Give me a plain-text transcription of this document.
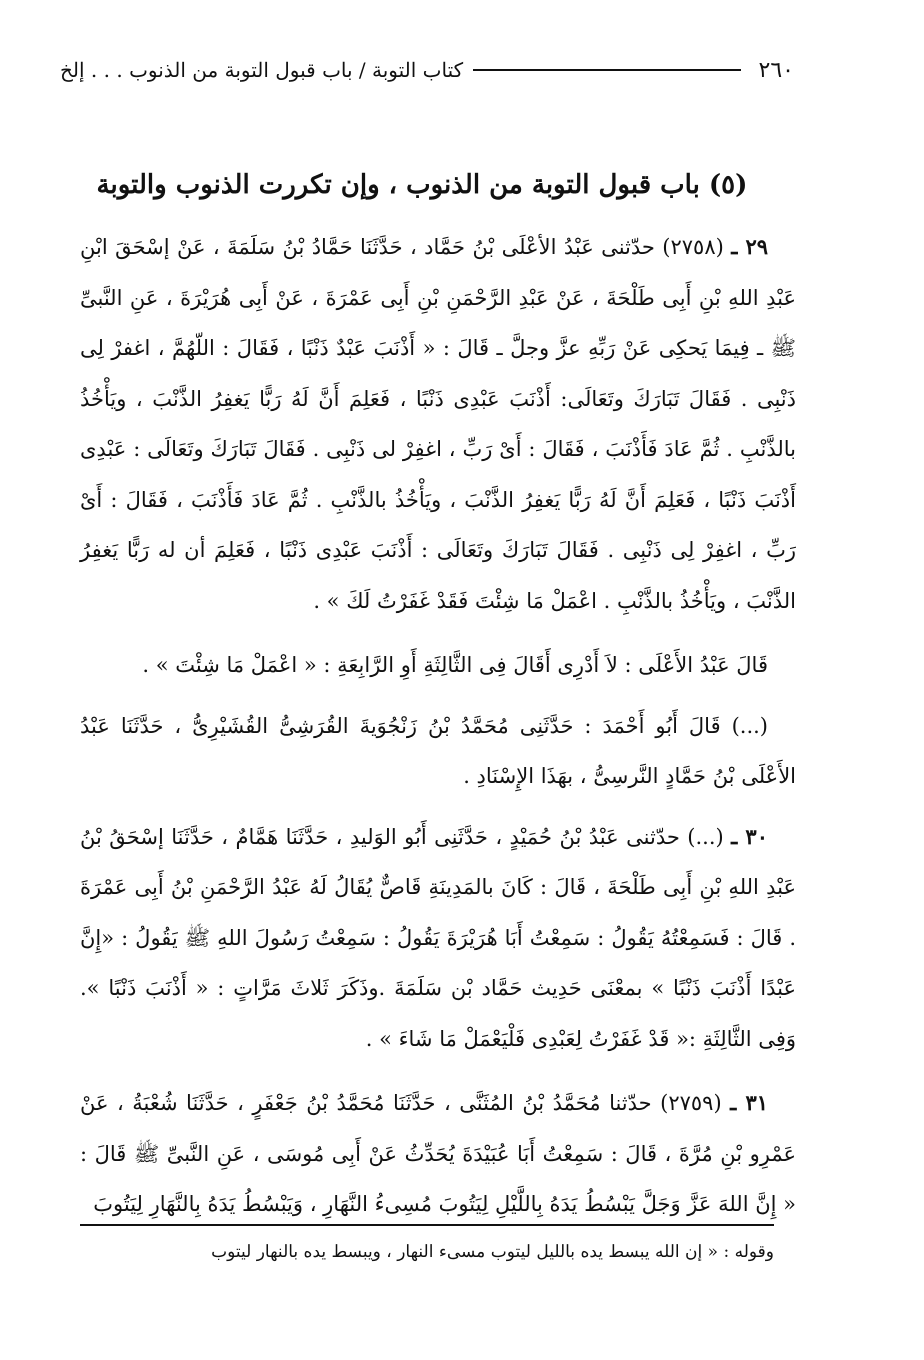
٢٦٠
كتاب التوبة / باب قبول التوبة من الذنوب . . . إلخ
(٥) باب قبول التوبة من الذنوب ، وإن تكررت الذنوب والتوبة

٢٩ ـ (٢٧٥٨) حدّثنى عَبْدُ الأعْلَى بْنُ حَمَّاد ، حَدَّثَنَا حَمَّادُ بْنُ سَلَمَةَ ، عَنْ إسْحَقَ ابْنِ عَبْدِ اللهِ بْنِ أَبِى طَلْحَةَ ، عَنْ عَبْدِ الرَّحْمَنِ بْنِ أَبِى عَمْرَةَ ، عَنْ أَبِى هُرَيْرَةَ ، عَنِ النَّبىِّ ﷺ ـ فِيمَا يَحكِى عَنْ رَبِّهِ عزَّ وجلَّ ـ قَالَ : « أَذْنَبَ عَبْدٌ ذَنْبًا ، فَقَالَ : اللّهُمَّ ، اغفرْ لِى ذَنْبِى . فَقَالَ تَبَارَكَ وتَعَالَى: أَذْنَبَ عَبْدِى ذَنْبًا ، فَعَلِمَ أَنَّ لَهُ رَبًّا يَغفِرُ الذَّنْبَ ، ويَأْخُذُ بالذَّنْبِ . ثُمَّ عَادَ فَأَذْنَبَ ، فَقَالَ : أَىْ رَبِّ ، اغفِرْ لى ذَنْبِى . فَقَالَ تَبَارَكَ وتَعَالَى : عَبْدِى أَذْنَبَ ذَنْبًا ، فَعَلِمَ أَنَّ لَهُ رَبًّا يَغفِرُ الذَّنْبَ ، ويَأْخُذُ بالذَّنْبِ . ثُمَّ عَادَ فَأَذْنَبَ ، فَقَالَ : أَىْ رَبِّ ، اغفِرْ لِى ذَنْبِى . فَقَالَ تَبَارَكَ وتَعَالَى : أَذْنَبَ عَبْدِى ذَنْبًا ، فَعَلِمَ أن له رَبًّا يَغفِرُ الذَّنْبَ ، ويَأْخُذُ بالذَّنْبِ . اعْمَلْ مَا شِئْتَ فَقَدْ غَفَرْتُ لَكَ » .

قَالَ عَبْدُ الأَعْلَى : لاَ أَدْرِى أَقَالَ فِى الثَّالِثَةِ أَوِ الرَّابِعَةِ : « اعْمَلْ مَا شِئْتَ » .

(...) قَالَ أَبُو أَحْمَدَ : حَدَّثَنِى مُحَمَّدُ بْنُ زَنْجُوَيةَ القُرَشِىُّ القُشَيْرِىُّ ، حَدَّثَنَا عَبْدُ الأَعْلَى بْنُ حَمَّادٍ النَّرسِىُّ ، بهَذَا الإِسْنَادِ .

٣٠ ـ (...) حدّثنى عَبْدُ بْنُ حُمَيْدٍ ، حَدَّثَنِى أَبُو الوَليدِ ، حَدَّثَنَا هَمَّامٌ ، حَدَّثَنَا إسْحَقُ بْنُ عَبْدِ اللهِ بْنِ أَبِى طَلْحَةَ ، قَالَ : كَانَ بالمَدِينَةِ قَاصٌّ يُقَالُ لَهُ عَبْدُ الرَّحْمَنِ بْنُ أَبِى عَمْرَةَ . قَالَ : فَسَمِعْتُهُ يَقُولُ : سَمِعْتُ أَبَا هُرَيْرَةَ يَقُولُ : سَمِعْتُ رَسُولَ اللهِ ﷺ يَقُولُ : «إِنَّ عَبْدًا أَذْنَبَ ذَنْبًا » بمعْنَى حَدِيث حَمَّاد بْن سَلَمَةَ .وذَكَرَ ثَلاثَ مَرَّاتٍ : « أَذْنَبَ ذَنْبًا ». وَفِى الثَّالِثَةِ :« قَدْ غَفَرْتُ لِعَبْدِى فَلْيَعْمَلْ مَا شَاءَ » .

٣١ ـ (٢٧٥٩) حدّثنا مُحَمَّدُ بْنُ المُثَنَّى ، حَدَّثَنَا مُحَمَّدُ بْنُ جَعْفَرٍ ، حَدَّثَنَا شُعْبَةُ ، عَنْ عَمْرِو بْنِ مُرَّةَ ، قَالَ : سَمِعْتُ أَبَا عُبَيْدَةَ يُحَدِّثُ عَنْ أَبِى مُوسَى ، عَنِ النَّبىِّ ﷺ قَالَ : « إِنَّ اللهَ عَزَّ وَجَلَّ يَبْسُطُ يَدَهُ بِاللَّيْلِ لِيَتُوبَ مُسِىءُ النَّهَارِ ، وَيَبْسُطُ يَدَهُ بِالنَّهَارِ لِيَتُوبَ

وقوله : « إن الله يبسط يده بالليل ليتوب مسىء النهار ، ويبسط يده بالنهار ليتوب
